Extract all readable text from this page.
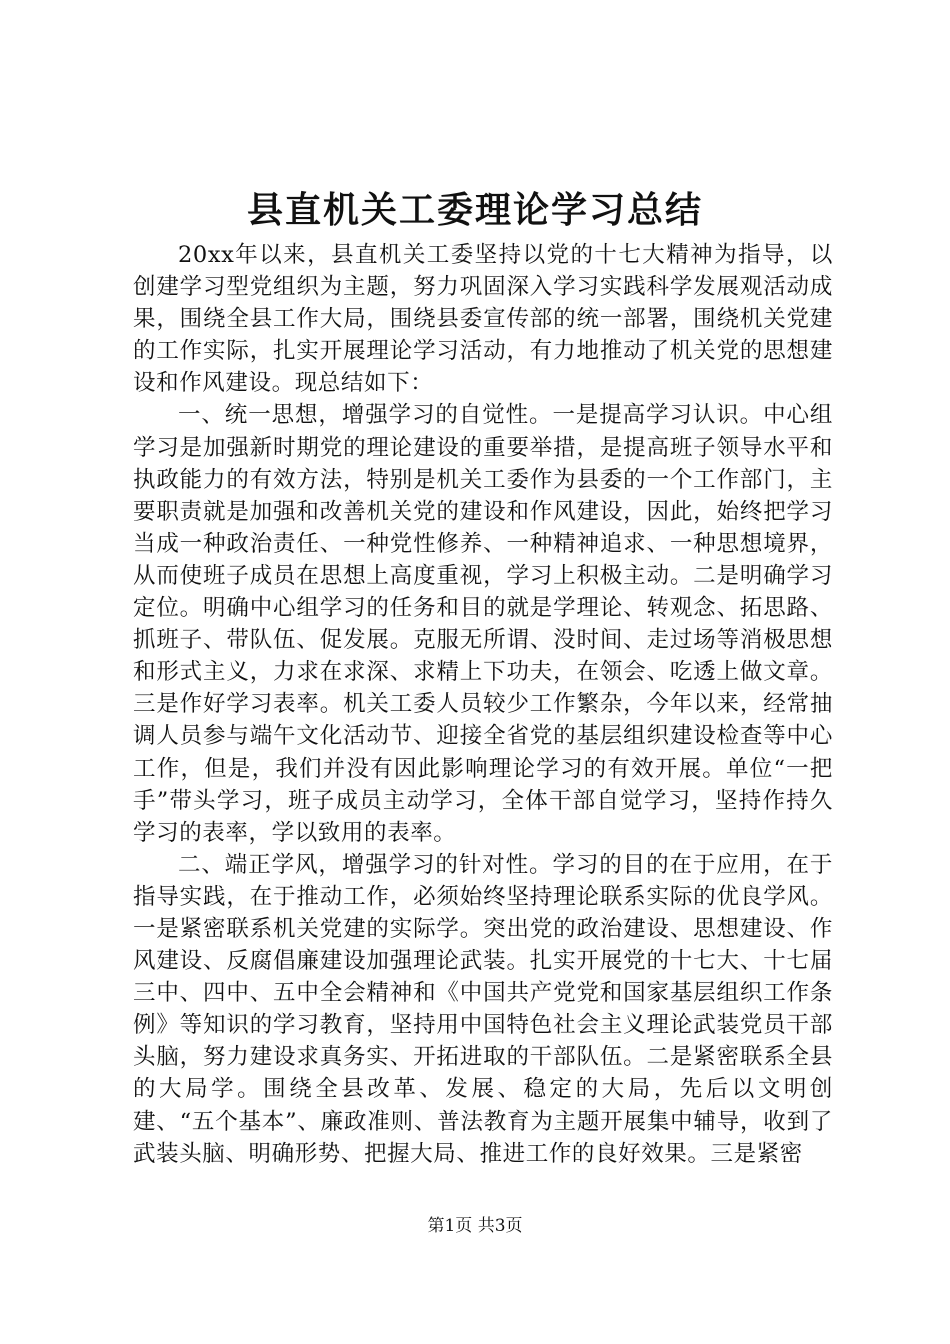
县直机关工委理论学习总结

20xx年以来，县直机关工委坚持以党的十七大精神为指导，以创建学习型党组织为主题，努力巩固深入学习实践科学发展观活动成果，围绕全县工作大局，围绕县委宣传部的统一部署，围绕机关党建的工作实际，扎实开展理论学习活动，有力地推动了机关党的思想建设和作风建设。现总结如下：

一、统一思想，增强学习的自觉性。一是提高学习认识。中心组学习是加强新时期党的理论建设的重要举措，是提高班子领导水平和执政能力的有效方法，特别是机关工委作为县委的一个工作部门，主要职责就是加强和改善机关党的建设和作风建设，因此，始终把学习当成一种政治责任、一种党性修养、一种精神追求、一种思想境界，从而使班子成员在思想上高度重视，学习上积极主动。二是明确学习定位。明确中心组学习的任务和目的就是学理论、转观念、拓思路、抓班子、带队伍、促发展。克服无所谓、没时间、走过场等消极思想和形式主义，力求在求深、求精上下功夫，在领会、吃透上做文章。三是作好学习表率。机关工委人员较少工作繁杂，今年以来，经常抽调人员参与端午文化活动节、迎接全省党的基层组织建设检查等中心工作，但是，我们并没有因此影响理论学习的有效开展。单位“一把手”带头学习，班子成员主动学习，全体干部自觉学习，坚持作持久学习的表率，学以致用的表率。

二、端正学风，增强学习的针对性。学习的目的在于应用，在于指导实践，在于推动工作，必须始终坚持理论联系实际的优良学风。一是紧密联系机关党建的实际学。突出党的政治建设、思想建设、作风建设、反腐倡廉建设加强理论武装。扎实开展党的十七大、十七届三中、四中、五中全会精神和《中国共产党党和国家基层组织工作条例》等知识的学习教育，坚持用中国特色社会主义理论武装党员干部头脑，努力建设求真务实、开拓进取的干部队伍。二是紧密联系全县的大局学。围绕全县改革、发展、稳定的大局，先后以文明创建、“五个基本”、廉政准则、普法教育为主题开展集中辅导，收到了武装头脑、明确形势、把握大局、推进工作的良好效果。三是紧密

第1页 共3页
